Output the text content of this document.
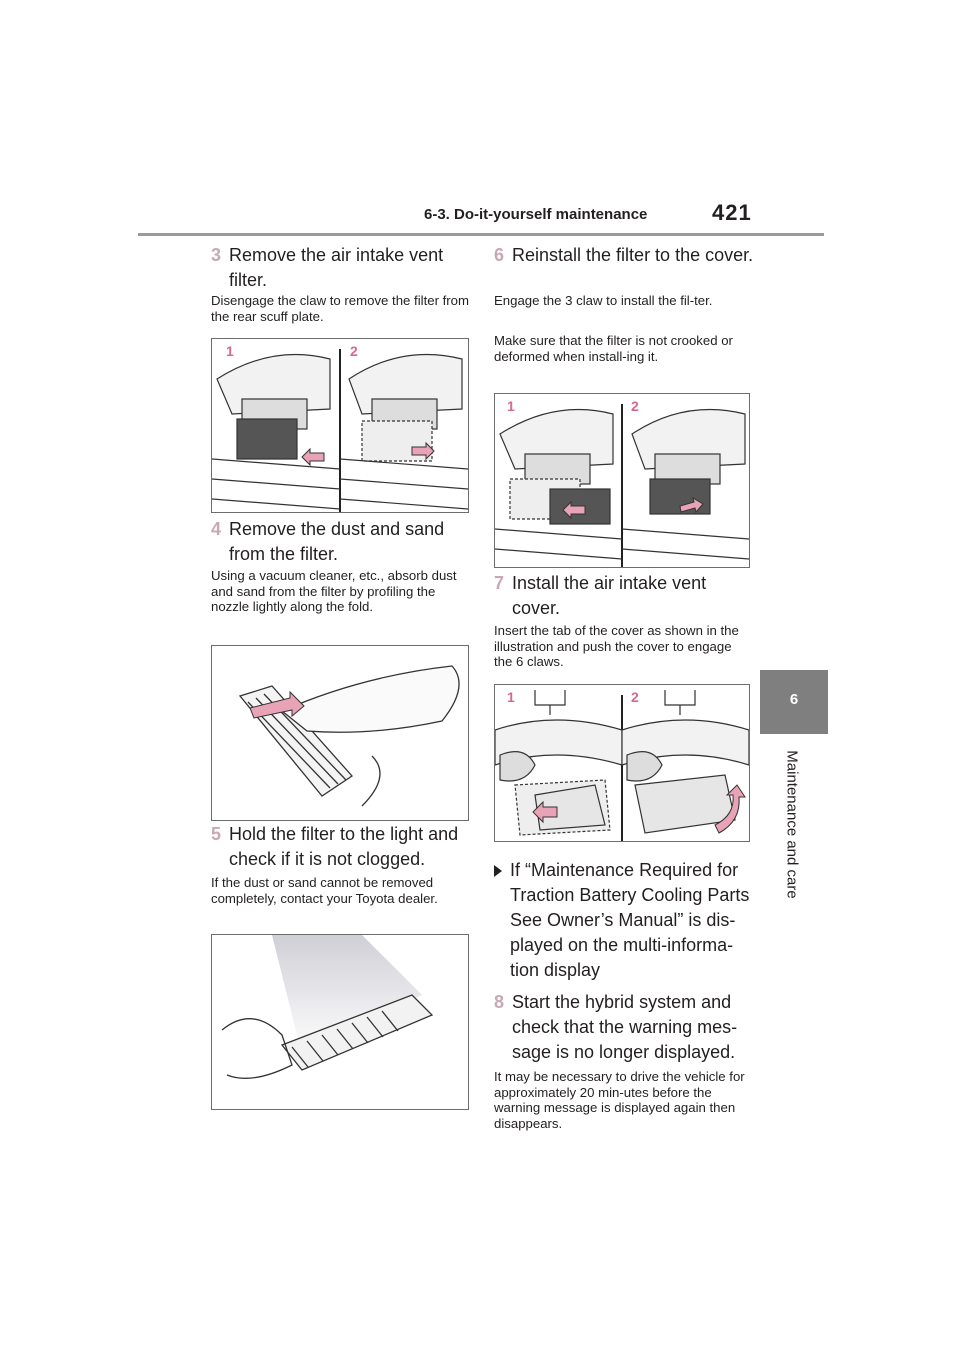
6-3. Do-it-yourself maintenance	421
6
Maintenance and care
3 Remove the air intake vent filter.
Disengage the claw to remove the filter from the rear scuff plate.
1	2
4 Remove the dust and sand from the filter.
Using a vacuum cleaner, etc., absorb dust and sand from the filter by profiling the nozzle lightly along the fold.
5 Hold the filter to the light and check if it is not clogged.
If the dust or sand cannot be removed completely, contact your Toyota dealer.
6 Reinstall the filter to the cover.
Engage the 3 claw to install the fil-ter.
Make sure that the filter is not crooked or deformed when install-ing it.
1	2
7 Install the air intake vent cover.
Insert the tab of the cover as shown in the illustration and push the cover to engage the 6 claws.
1	2
If “Maintenance Required for Traction Battery Cooling Parts See Owner’s Manual” is dis-played on the multi-informa-tion display
8 Start the hybrid system and check that the warning mes-sage is no longer displayed.
It may be necessary to drive the vehicle for approximately 20 min-utes before the warning message is displayed again then disappears.
